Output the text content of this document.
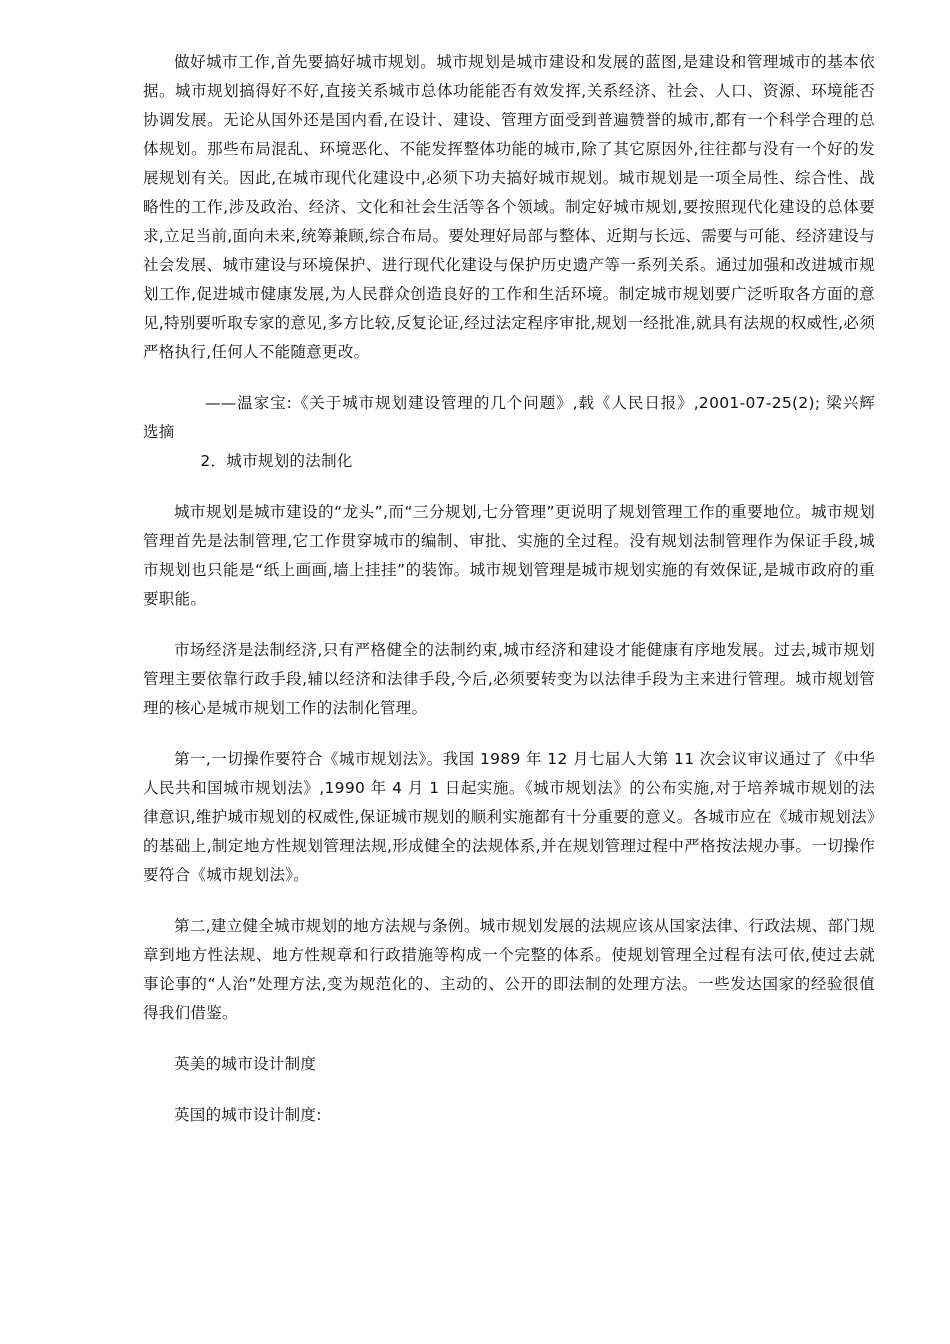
做好城市工作,首先要搞好城市规划。城市规划是城市建设和发展的蓝图,是建设和管理城市的基本依据。城市规划搞得好不好,直接关系城市总体功能能否有效发挥,关系经济、社会、人口、资源、环境能否协调发展。无论从国外还是国内看,在设计、建设、管理方面受到普遍赞誉的城市,都有一个科学合理的总体规划。那些布局混乱、环境恶化、不能发挥整体功能的城市,除了其它原因外,往往都与没有一个好的发展规划有关。因此,在城市现代化建设中,必须下功夫搞好城市规划。城市规划是一项全局性、综合性、战略性的工作,涉及政治、经济、文化和社会生活等各个领域。制定好城市规划,要按照现代化建设的总体要求,立足当前,面向未来,统筹兼顾,综合布局。要处理好局部与整体、近期与长远、需要与可能、经济建设与社会发展、城市建设与环境保护、进行现代化建设与保护历史遗产等一系列关系。通过加强和改进城市规划工作,促进城市健康发展,为人民群众创造良好的工作和生活环境。制定城市规划要广泛听取各方面的意见,特别要听取专家的意见,多方比较,反复论证,经过法定程序审批,规划一经批准,就具有法规的权威性,必须严格执行,任何人不能随意更改。

——温家宝:《关于城市规划建设管理的几个问题》,载《人民日报》,2001-07-25(2); 梁兴辉　选摘

2．城市规划的法制化

城市规划是城市建设的“龙头”,而“三分规划,七分管理”更说明了规划管理工作的重要地位。城市规划管理首先是法制管理,它工作贯穿城市的编制、审批、实施的全过程。没有规划法制管理作为保证手段,城市规划也只能是“纸上画画,墙上挂挂”的装饰。城市规划管理是城市规划实施的有效保证,是城市政府的重要职能。

市场经济是法制经济,只有严格健全的法制约束,城市经济和建设才能健康有序地发展。过去,城市规划管理主要依靠行政手段,辅以经济和法律手段,今后,必须要转变为以法律手段为主来进行管理。城市规划管理的核心是城市规划工作的法制化管理。

第一,一切操作要符合《城市规划法》。我国 1989 年 12 月七届人大第 11 次会议审议通过了《中华人民共和国城市规划法》,1990 年 4 月 1 日起实施。《城市规划法》的公布实施,对于培养城市规划的法律意识,维护城市规划的权威性,保证城市规划的顺利实施都有十分重要的意义。各城市应在《城市规划法》的基础上,制定地方性规划管理法规,形成健全的法规体系,并在规划管理过程中严格按法规办事。一切操作要符合《城市规划法》。

第二,建立健全城市规划的地方法规与条例。城市规划发展的法规应该从国家法律、行政法规、部门规章到地方性法规、地方性规章和行政措施等构成一个完整的体系。使规划管理全过程有法可依,使过去就事论事的“人治”处理方法,变为规范化的、主动的、公开的即法制的处理方法。一些发达国家的经验很值得我们借鉴。

英美的城市设计制度

英国的城市设计制度:
